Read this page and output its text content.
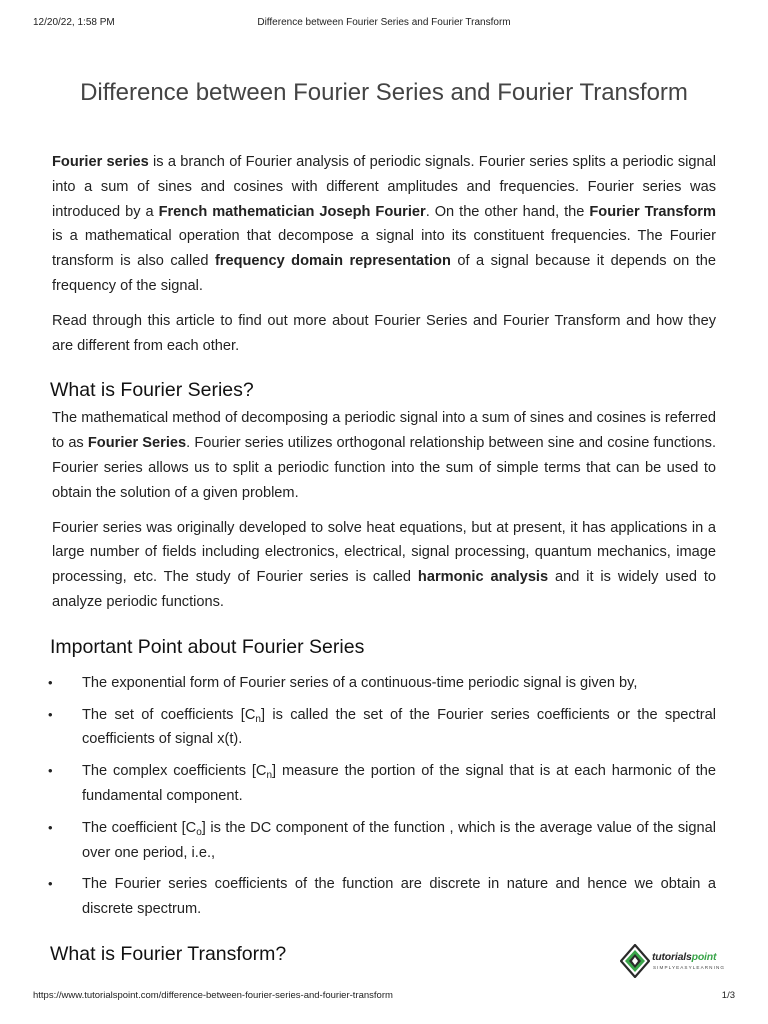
12/20/22, 1:58 PM	Difference between Fourier Series and Fourier Transform
Difference between Fourier Series and Fourier Transform

Fourier series is a branch of Fourier analysis of periodic signals. Fourier series splits a periodic signal into a sum of sines and cosines with different amplitudes and frequencies. Fourier series was introduced by a French mathematician Joseph Fourier. On the other hand, the Fourier Transform is a mathematical operation that decompose a signal into its constituent frequencies. The Fourier transform is also called frequency domain representation of a signal because it depends on the frequency of the signal.

Read through this article to find out more about Fourier Series and Fourier Transform and how they are different from each other.

What is Fourier Series?

The mathematical method of decomposing a periodic signal into a sum of sines and cosines is referred to as Fourier Series. Fourier series utilizes orthogonal relationship between sine and cosine functions. Fourier series allows us to split a periodic function into the sum of simple terms that can be used to obtain the solution of a given problem.

Fourier series was originally developed to solve heat equations, but at present, it has applications in a large number of fields including electronics, electrical, signal processing, quantum mechanics, image processing, etc. The study of Fourier series is called harmonic analysis and it is widely used to analyze periodic functions.

Important Point about Fourier Series
• The exponential form of Fourier series of a continuous-time periodic signal is given by,
• The set of coefficients $[C_n]$ is called the set of the Fourier series coefficients or the spectral coefficients of signal x(t).
• The complex coefficients $[C_n]$ measure the portion of the signal that is at each harmonic of the fundamental component.
• The coefficient $[C_o]$ is the DC component of the function , which is the average value of the signal over one period, i.e.,
• The Fourier series coefficients of the function are discrete in nature and hence we obtain a discrete spectrum.
What is Fourier Transform?	tutorialspoint
SIMPLYEASYLEARNING
https://www.tutorialspoint.com/difference-between-fourier-series-and-fourier-transform	1/3
